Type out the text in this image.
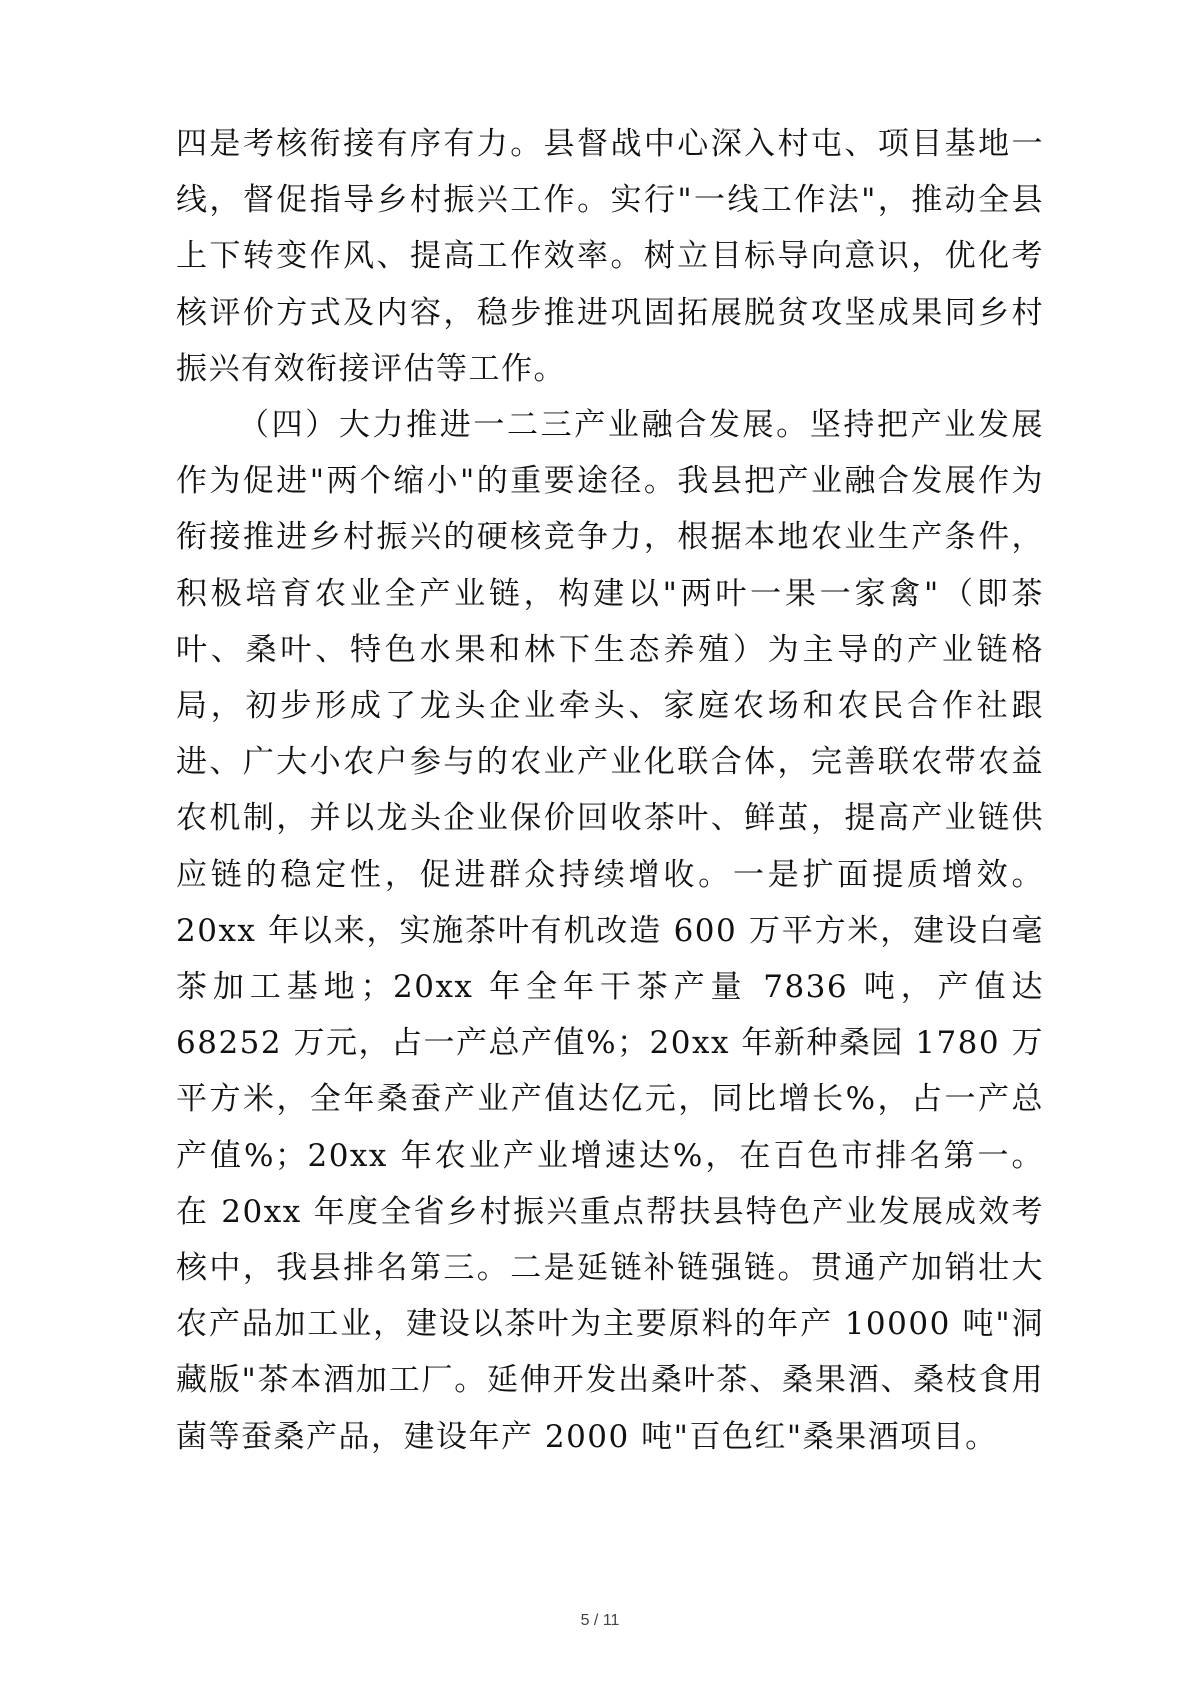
四是考核衔接有序有力。县督战中心深入村屯、项目基地一线，督促指导乡村振兴工作。实行"一线工作法"，推动全县上下转变作风、提高工作效率。树立目标导向意识，优化考核评价方式及内容，稳步推进巩固拓展脱贫攻坚成果同乡村振兴有效衔接评估等工作。

（四）大力推进一二三产业融合发展。坚持把产业发展作为促进"两个缩小"的重要途径。我县把产业融合发展作为衔接推进乡村振兴的硬核竞争力，根据本地农业生产条件，积极培育农业全产业链，构建以"两叶一果一家禽"（即茶叶、桑叶、特色水果和林下生态养殖）为主导的产业链格局，初步形成了龙头企业牵头、家庭农场和农民合作社跟进、广大小农户参与的农业产业化联合体，完善联农带农益农机制，并以龙头企业保价回收茶叶、鲜茧，提高产业链供应链的稳定性，促进群众持续增收。一是扩面提质增效。20xx 年以来，实施茶叶有机改造 600 万平方米，建设白毫茶加工基地；20xx 年全年干茶产量 7836 吨，产值达 68252 万元，占一产总产值%；20xx 年新种桑园 1780 万平方米，全年桑蚕产业产值达亿元，同比增长%，占一产总产值%；20xx 年农业产业增速达%，在百色市排名第一。在 20xx 年度全省乡村振兴重点帮扶县特色产业发展成效考核中，我县排名第三。二是延链补链强链。贯通产加销壮大农产品加工业，建设以茶叶为主要原料的年产 10000 吨"洞藏版"茶本酒加工厂。延伸开发出桑叶茶、桑果酒、桑枝食用菌等蚕桑产品，建设年产 2000 吨"百色红"桑果酒项目。

5 / 11
